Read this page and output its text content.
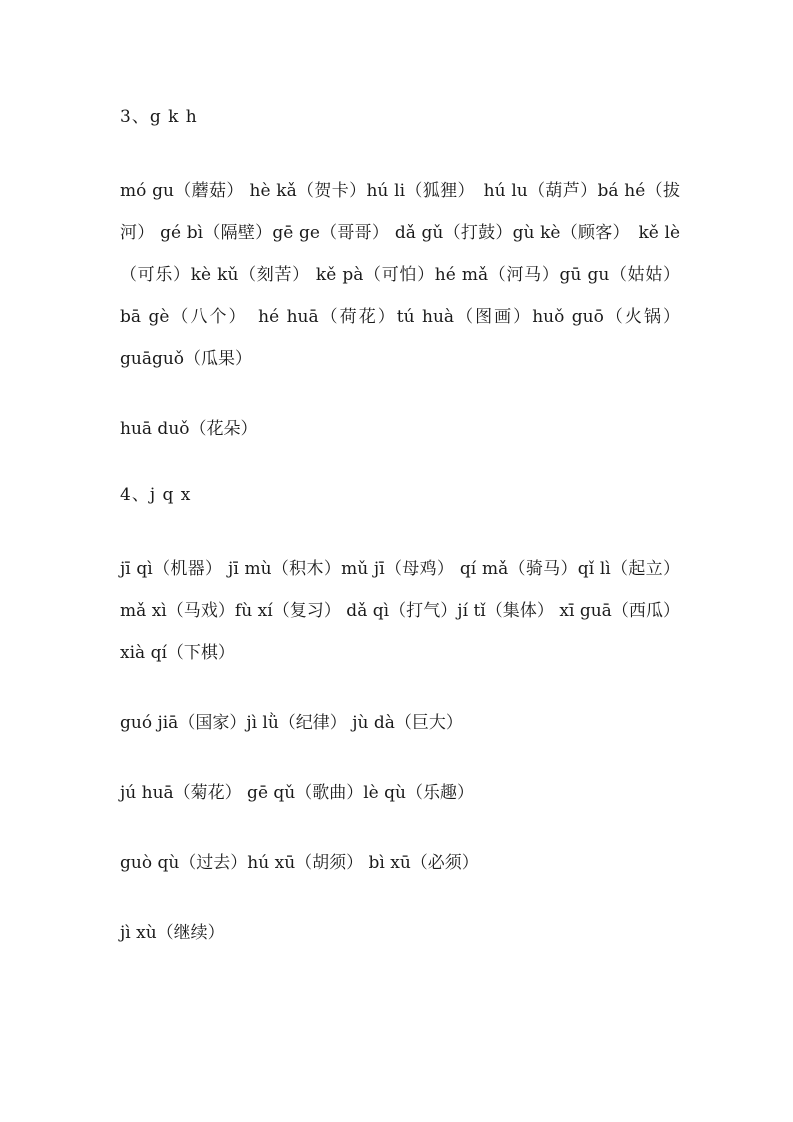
3、g k h

mó gu（蘑菇） hè kǎ（贺卡）hú li（狐狸）　hú lu（葫芦）bá hé（拔河） gé bì（隔壁）gē ge（哥哥） dǎ gǔ（打鼓）gù kè（顾客）　kě lè（可乐）kè kǔ（刻苦） kě pà（可怕）hé mǎ（河马）gū gu（姑姑）bā gè（八个）　hé huā（荷花）tú huà（图画）huǒ guō（火锅）guāguǒ（瓜果）

huā duǒ（花朵）

4、j q x

jī qì（机器） jī mù（积木）mǔ jī（母鸡） qí mǎ（骑马）qǐ lì（起立） mǎ xì（马戏）fù xí（复习） dǎ qì（打气）jí tǐ（集体） xī guā（西瓜）xià qí（下棋）

guó jiā（国家）jì lǜ（纪律） jù dà（巨大）

jú huā（菊花） gē qǔ（歌曲）lè qù（乐趣）

guò qù（过去）hú xū（胡须） bì xū（必须）

jì xù（继续）
